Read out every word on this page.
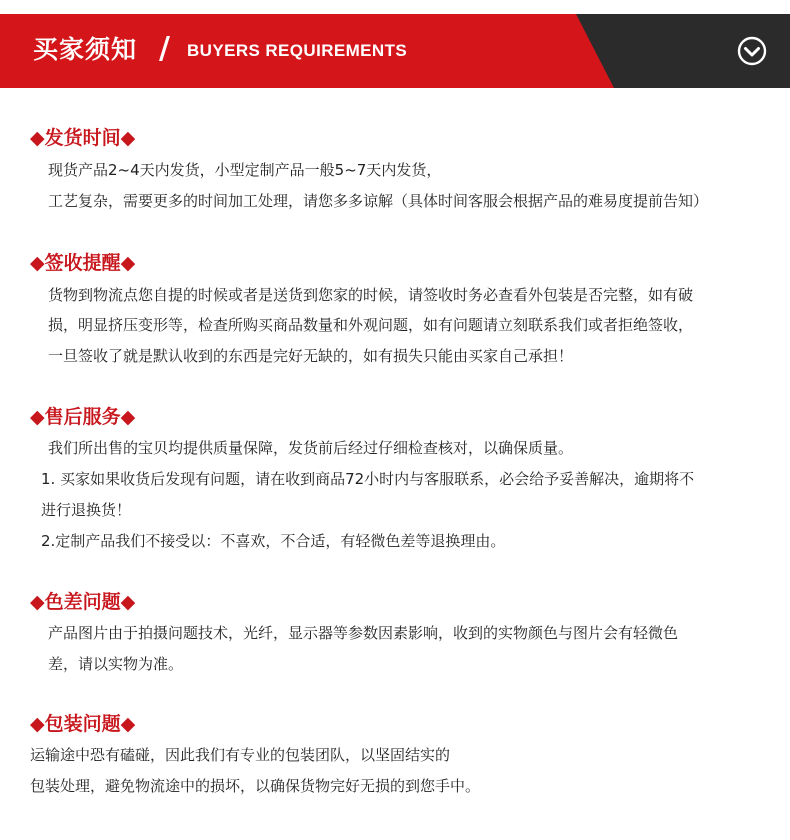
买家须知 / BUYERS REQUIREMENTS
◆发货时间◆
现货产品2~4天内发货，小型定制产品一般5~7天内发货，
工艺复杂，需要更多的时间加工处理，请您多多谅解（具体时间客服会根据产品的难易度提前告知）
◆签收提醒◆
货物到物流点您自提的时候或者是送货到您家的时候，请签收时务必查看外包装是否完整，如有破
损，明显挤压变形等，检查所购买商品数量和外观问题，如有问题请立刻联系我们或者拒绝签收，
一旦签收了就是默认收到的东西是完好无缺的，如有损失只能由买家自己承担！
◆售后服务◆
我们所出售的宝贝均提供质量保障，发货前后经过仔细检查核对，以确保质量。
1. 买家如果收货后发现有问题，请在收到商品72小时内与客服联系，必会给予妥善解决，逾期将不
进行退换货！
2.定制产品我们不接受以：不喜欢，不合适，有轻微色差等退换理由。
◆色差问题◆
产品图片由于拍摄问题技术，光纤，显示器等参数因素影响，收到的实物颜色与图片会有轻微色
差，请以实物为准。
◆包装问题◆
运输途中恐有磕碰，因此我们有专业的包装团队，以坚固结实的
包装处理，避免物流途中的损坏，以确保货物完好无损的到您手中。
